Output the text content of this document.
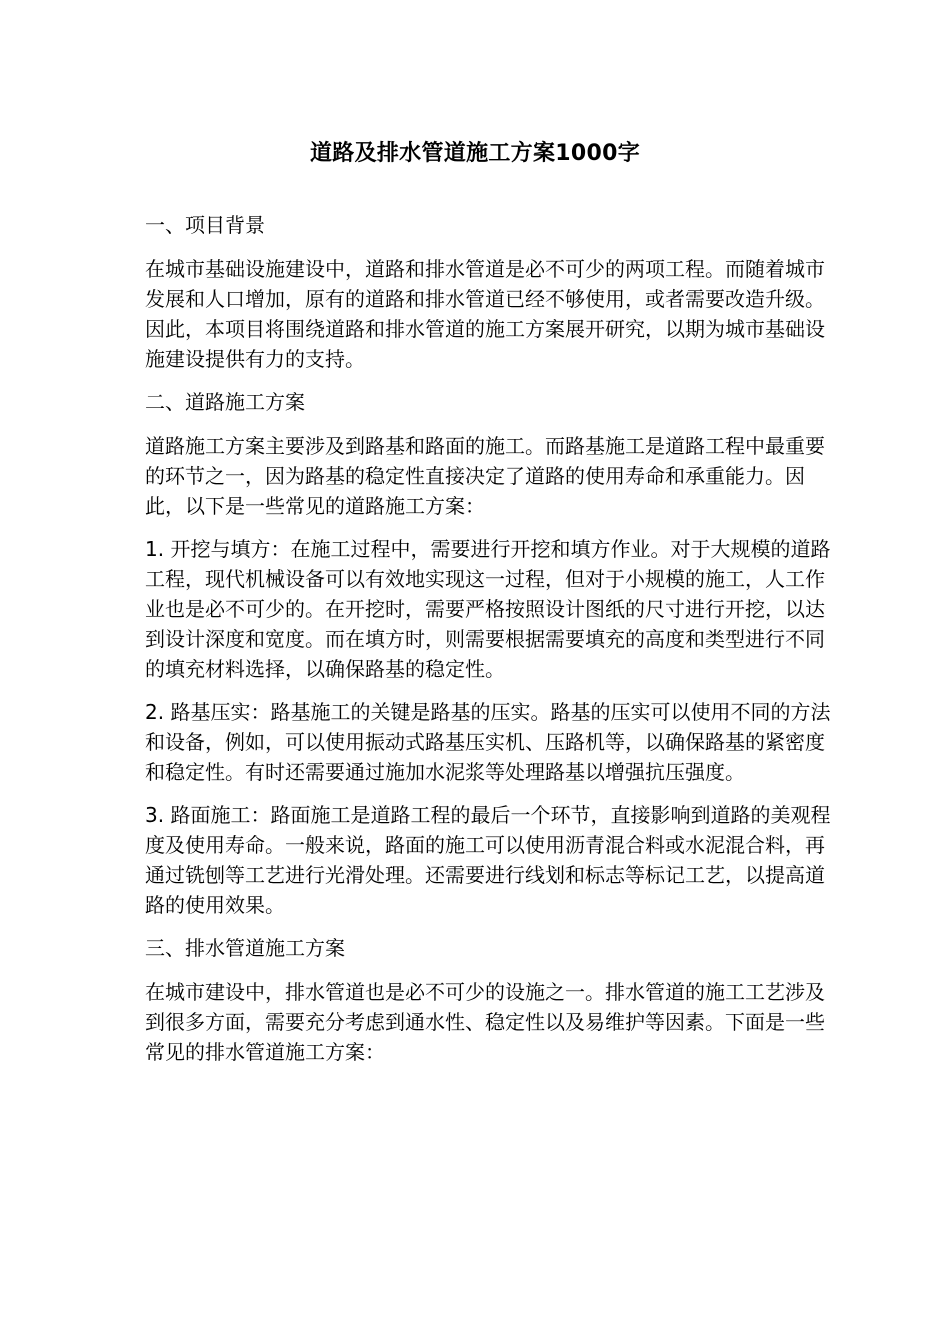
道路及排水管道施工方案1000字

一、项目背景

在城市基础设施建设中，道路和排水管道是必不可少的两项工程。而随着城市发展和人口增加，原有的道路和排水管道已经不够使用，或者需要改造升级。因此，本项目将围绕道路和排水管道的施工方案展开研究，以期为城市基础设施建设提供有力的支持。

二、道路施工方案

道路施工方案主要涉及到路基和路面的施工。而路基施工是道路工程中最重要的环节之一，因为路基的稳定性直接决定了道路的使用寿命和承重能力。因此，以下是一些常见的道路施工方案：

1. 开挖与填方：在施工过程中，需要进行开挖和填方作业。对于大规模的道路工程，现代机械设备可以有效地实现这一过程，但对于小规模的施工，人工作业也是必不可少的。在开挖时，需要严格按照设计图纸的尺寸进行开挖，以达到设计深度和宽度。而在填方时，则需要根据需要填充的高度和类型进行不同的填充材料选择，以确保路基的稳定性。

2. 路基压实：路基施工的关键是路基的压实。路基的压实可以使用不同的方法和设备，例如，可以使用振动式路基压实机、压路机等，以确保路基的紧密度和稳定性。有时还需要通过施加水泥浆等处理路基以增强抗压强度。

3. 路面施工：路面施工是道路工程的最后一个环节，直接影响到道路的美观程度及使用寿命。一般来说，路面的施工可以使用沥青混合料或水泥混合料，再通过铣刨等工艺进行光滑处理。还需要进行线划和标志等标记工艺，以提高道路的使用效果。

三、排水管道施工方案

在城市建设中，排水管道也是必不可少的设施之一。排水管道的施工工艺涉及到很多方面，需要充分考虑到通水性、稳定性以及易维护等因素。下面是一些常见的排水管道施工方案：
